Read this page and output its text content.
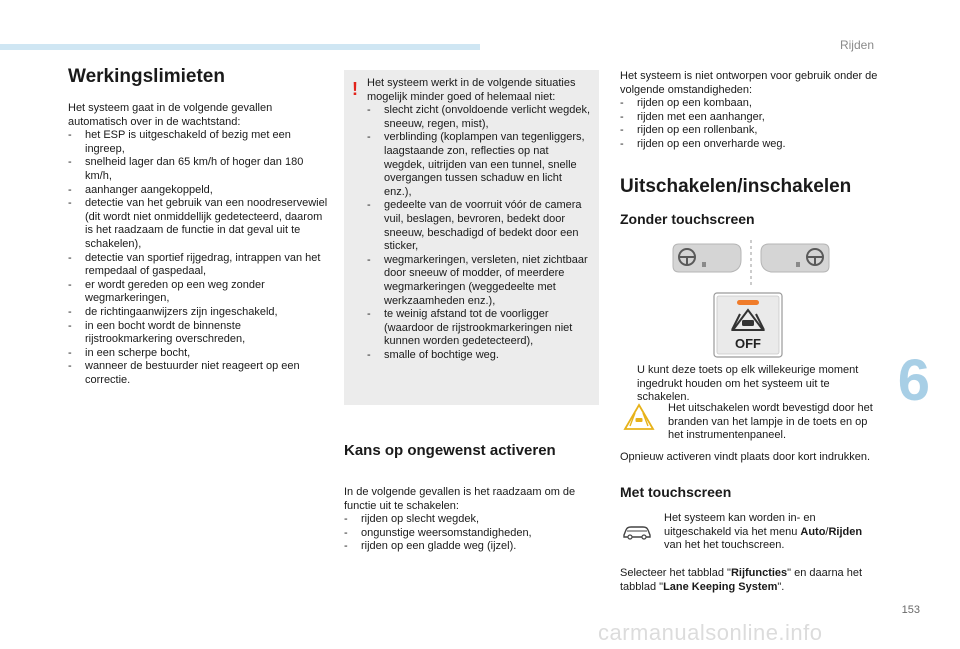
Rijden
6
153
carmanualsonline.info
Werkingslimieten

Het systeem gaat in de volgende gevallen automatisch over in de wachtstand:

- het ESP is uitgeschakeld of bezig met een ingreep,
- snelheid lager dan 65 km/h of hoger dan 180 km/h,
- aanhanger aangekoppeld,
- detectie van het gebruik van een noodreservewiel (dit wordt niet onmiddellijk gedetecteerd, daarom is het raadzaam de functie in dat geval uit te schakelen),
- detectie van sportief rijgedrag, intrappen van het rempedaal of gaspedaal,
- er wordt gereden op een weg zonder wegmarkeringen,
- de richtingaanwijzers zijn ingeschakeld,
- in een bocht wordt de binnenste rijstrookmarkering overschreden,
- in een scherpe bocht,
- wanneer de bestuurder niet reageert op een correctie.
! Het systeem werkt in de volgende situaties mogelijk minder goed of helemaal niet:

- slecht zicht (onvoldoende verlicht wegdek, sneeuw, regen, mist),
- verblinding (koplampen van tegenliggers, laagstaande zon, reflecties op nat wegdek, uitrijden van een tunnel, snelle overgangen tussen schaduw en licht enz.),
- gedeelte van de voorruit vóór de camera vuil, beslagen, bevroren, bedekt door sneeuw, beschadigd of bedekt door een sticker,
- wegmarkeringen, versleten, niet zichtbaar door sneeuw of modder, of meerdere wegmarkeringen (weggedeelte met werkzaamheden enz.),
- te weinig afstand tot de voorligger (waardoor de rijstrookmarkeringen niet kunnen worden gedetecteerd),
- smalle of bochtige weg.
Kans op ongewenst activeren

In de volgende gevallen is het raadzaam om de functie uit te schakelen:

- rijden op slecht wegdek,
- ongunstige weersomstandigheden,
- rijden op een gladde weg (ijzel).

Het systeem is niet ontworpen voor gebruik onder de volgende omstandigheden:

- rijden op een kombaan,
- rijden met een aanhanger,
- rijden op een rollenbank,
- rijden op een onverharde weg.
Uitschakelen/inschakelen
Zonder touchscreen
OFF
U kunt deze toets op elk willekeurige moment ingedrukt houden om het systeem uit te schakelen.
Het uitschakelen wordt bevestigd door het branden van het lampje in de toets en op het instrumentenpaneel.

Opnieuw activeren vindt plaats door kort indrukken.

Met touchscreen
Het systeem kan worden in- en uitgeschakeld via het menu Auto/Rijden van het het touchscreen.

Selecteer het tabblad "Rijfuncties" en daarna het tabblad "Lane Keeping System".
